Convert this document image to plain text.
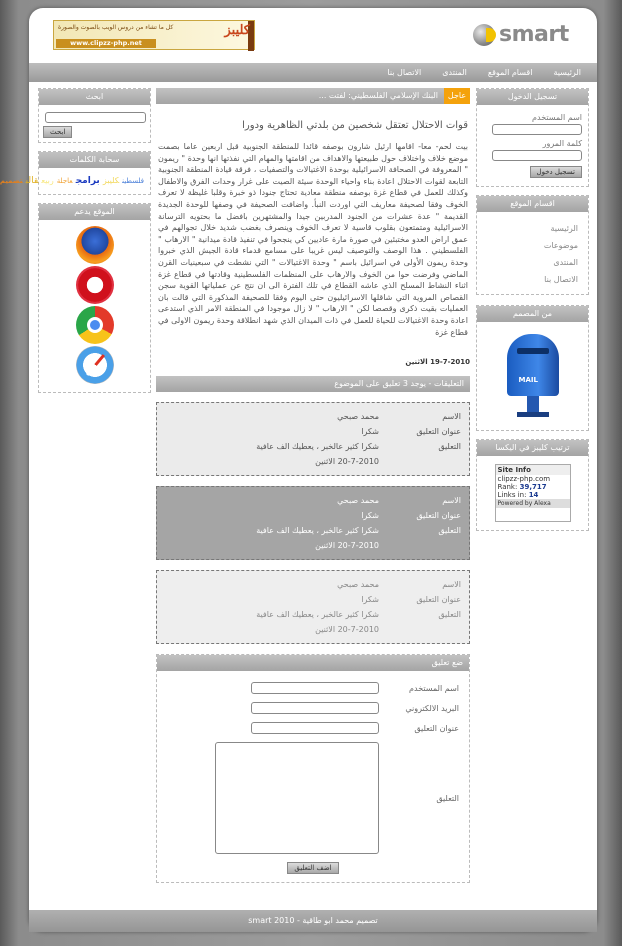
كليبز
كل ما تشاء من دروس الويب بالصوت والصورة
www.clipzz-php.net	smart
الرئيسيةاقسام الموقعالمنتدىالاتصال بنا
تسجيل الدخول
اسم المستخدم
كلمة المرور
تسجيل دخول
اقسام الموقع
الرئيسية
موضوعات
المنتدى
الاتصال بنا
من المصمم
MAIL
ترتيب كليبز في اليكسا
Site Info
clipzz-php.com
Rank: 39,717
Links in: 14
Powered by Alexa
ابحث
ابحث
سحابة الكلمات
فلسطينكليبزبرامجعاجلةربيعقالبتصميم
الموقع يدعم
عاجل
البنك الإسلامي الفلسطيني: لفتت ...
قوات الاحتلال تعتقل شخصين من بلدتي الظاهرية ودورا
بيت لحم- معا- اقامها ارئيل شارون بوصفه قائدا للمنطقة الجنوبية قبل اربعين عاما بصمت موضع خلاف واختلاف حول طبيعتها والاهداف من اقامتها والمهام التي نفذتها انها وحدة " ريمون " المعروفة في الصحافة الاسرائيلية بوحدة الاغتيالات والتصفيات ، فرقة قيادة المنطقة الجنوبية التابعة لقوات الاحتلال اعادة بناء واحياء الوحدة سيئة الصيت على غرار وحدات الفرق والاطفال وكذلك للعمل في قطاع غزة بوصفه منطقة معادية تحتاج جنودا ذو خبرة وقلبا غليظة لا تعرف الخوف وفقا لصحيفة معاريف التي اوردت النبأ. واضافت الصحيفة في وصفها للوحدة الجديدة القديمة " عدة عشرات من الجنود المدربين جيدا والمشتهرين بافضل ما بحتويه الترسانة الاسرائيلية ومتمتعون بقلوب قاسية لا تعرف الخوف وينصرف بغضب شديد خلال تجوالهم في عمق اراض العدو مختبئين في صورة مارة عاديين كي ينجحوا في تنفيذ قادة ميدانية " الارهاب " الفلسطيني . هذا الوصف والتوصيف ليس غريبا على مسامع قدماء قادة الجيش الذي خبروا وحدة ريمون الأولى في اسرائيل باسم " وحدة الاغتيالات " التي نشطت في سبعينيات القرن الماضي وفرضت حوا من الخوف والارهاب على المنظمات الفلسطينية وقادتها في قطاع غزة اثناء النشاط المسلح الذي عاشه القطاع في تلك الفترة الى ان نتج عن عملياتها القوية سجن القصاص المروية التي شاقلها الاسرائيليون حتى اليوم وفقا للصحيفة المذكورة التي قالت بان العمليات بقيت ذكرى وقصصا لكن " الارهاب " لا زال موجودا في المنطقة الامر الذي استدعى اعادة وحدة الاغتيالات للحياة للعمل في ذات الميدان الذي شهد انطلاقة وحدة ريمون الاولى في قطاع غزة
19-7-2010 الاثنين
التعليقات - يوجد 3 تعليق على الموضوع
الاسم
محمد صبحي
عنوان التعليق
شكرا
التعليق
شكرا كثير عالخبر ، يعطيك الف عافية
20-7-2010 الاثنين
الاسم
محمد صبحي
عنوان التعليق
شكرا
التعليق
شكرا كثير عالخبر ، يعطيك الف عافية
20-7-2010 الاثنين
الاسم
محمد صبحي
عنوان التعليق
شكرا
التعليق
شكرا كثير عالخبر ، يعطيك الف عافية
20-7-2010 الاثنين
ضع تعليق
اسم المستخدم
البريد الالكتروني
عنوان التعليق
التعليق
اضف التعليق
تصميم محمد ابو طاقية - 2010 smart
